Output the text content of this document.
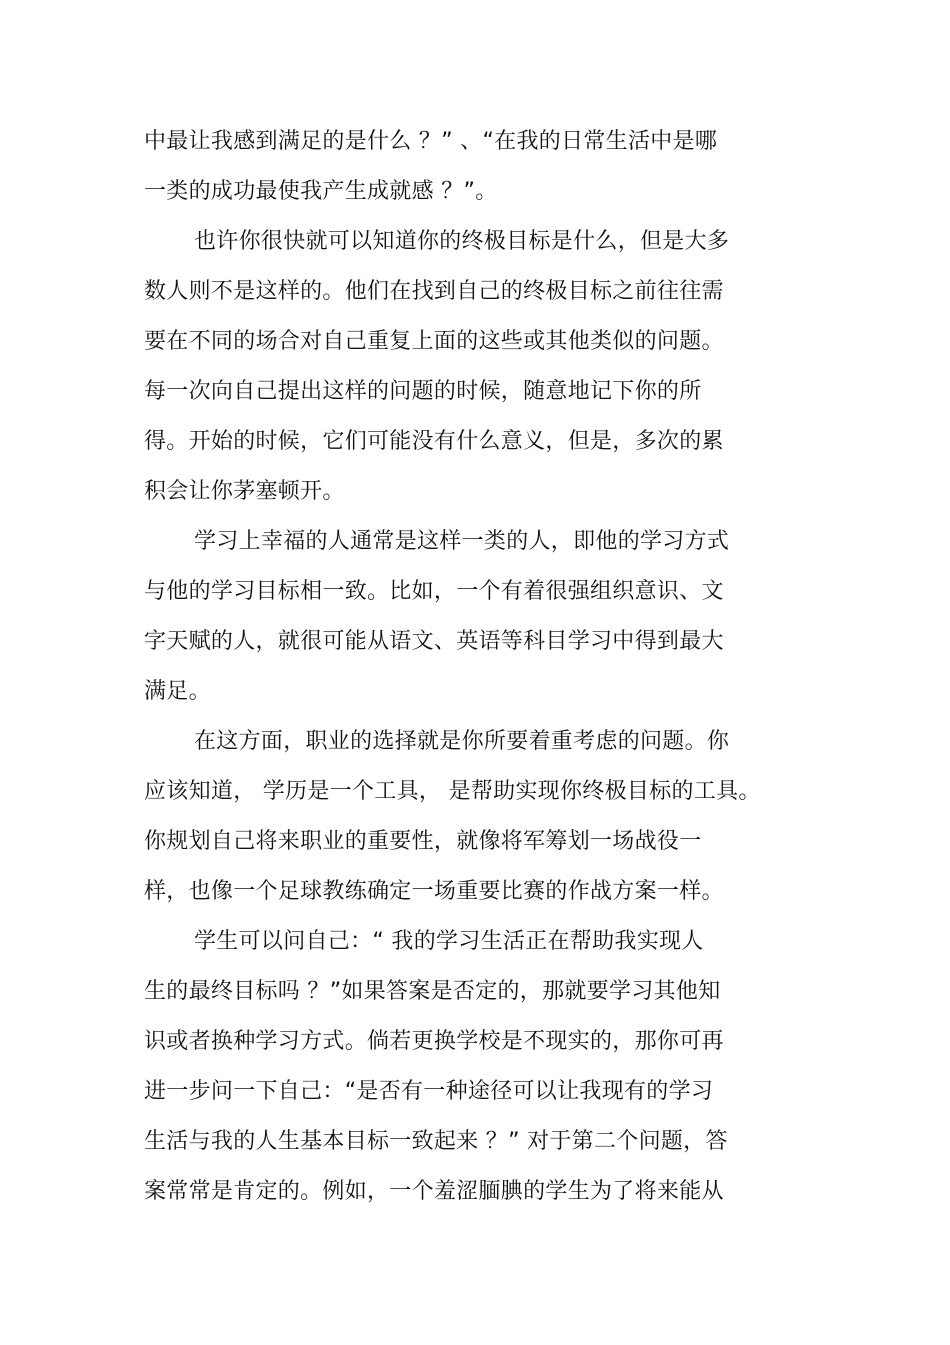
中最让我感到满足的是什么 ？” 、“在我的日常生活中是哪
一类的成功最使我产生成就感 ？”。
也许你很快就可以知道你的终极目标是什么，但是大多
数人则不是这样的。他们在找到自己的终极目标之前往往需
要在不同的场合对自己重复上面的这些或其他类似的问题。
每一次向自己提出这样的问题的时候，随意地记下你的所
得。开始的时候，它们可能没有什么意义，但是，多次的累
积会让你茅塞顿开。
学习上幸福的人通常是这样一类的人，即他的学习方式
与他的学习目标相一致。比如，一个有着很强组织意识、文
字天赋的人，就很可能从语文、英语等科目学习中得到最大
满足。
在这方面，职业的选择就是你所要着重考虑的问题。你
应该知道， 学历是一个工具， 是帮助实现你终极目标的工具。
你规划自己将来职业的重要性，就像将军筹划一场战役一
样，也像一个足球教练确定一场重要比赛的作战方案一样。
学生可以问自己：“ 我的学习生活正在帮助我实现人
生的最终目标吗 ？”如果答案是否定的，那就要学习其他知
识或者换种学习方式。倘若更换学校是不现实的，那你可再
进一步问一下自己：“是否有一种途径可以让我现有的学习
生活与我的人生基本目标一致起来 ？” 对于第二个问题，答
案常常是肯定的。例如，一个羞涩腼腆的学生为了将来能从
